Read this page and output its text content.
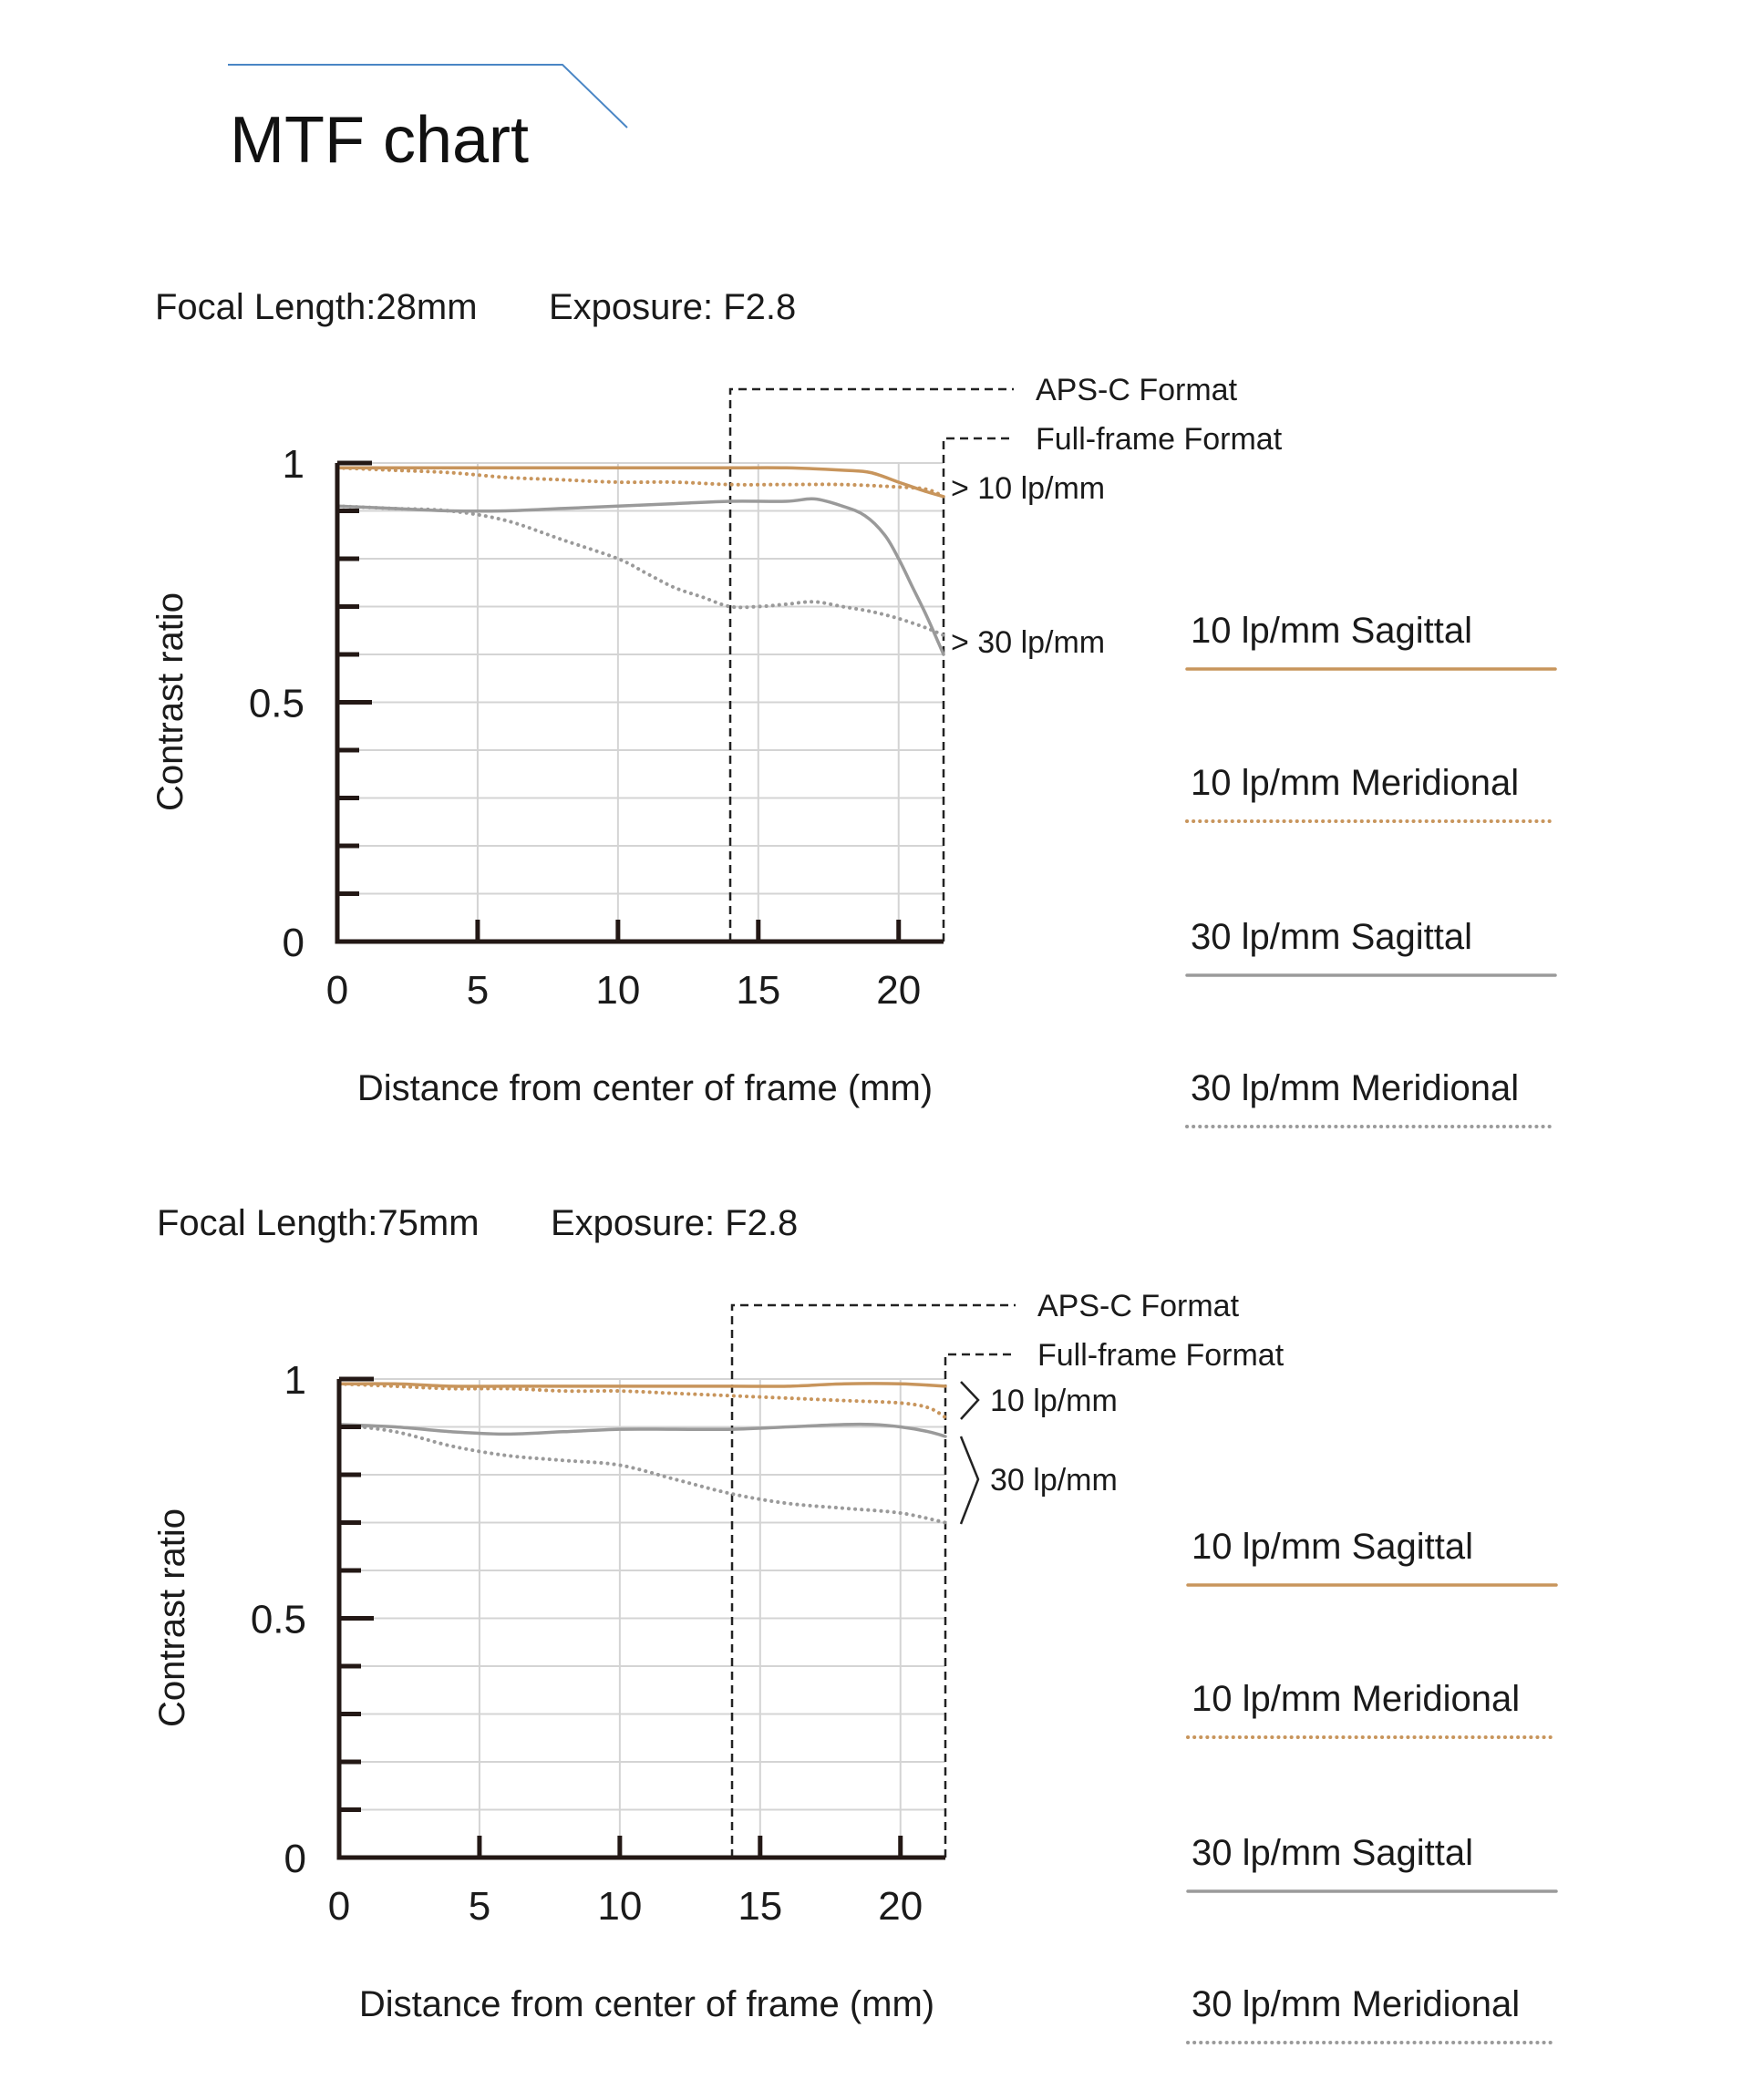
MTF chart
Focal Length:28mm Exposure: F2.8
APS-C Format
Full-frame Format
0
0.5
1
0	5	10 15 20
Distance from center of frame (mm)
Contrast ratio
> 10 lp/mm
> 30 lp/mm
Focal Length:75mm Exposure: F2.8
APS-C Format
Full-frame Format
0
0.5
1
0	5	10 15 20
Distance from center of frame (mm)
Contrast ratio
10 lp/mm
30 lp/mm
10 lp/mm Sagittal
10 lp/mm Meridional
30 lp/mm Sagittal
30 lp/mm Meridional
10 lp/mm Sagittal
10 lp/mm Meridional
30 lp/mm Sagittal
30 lp/mm Meridional
